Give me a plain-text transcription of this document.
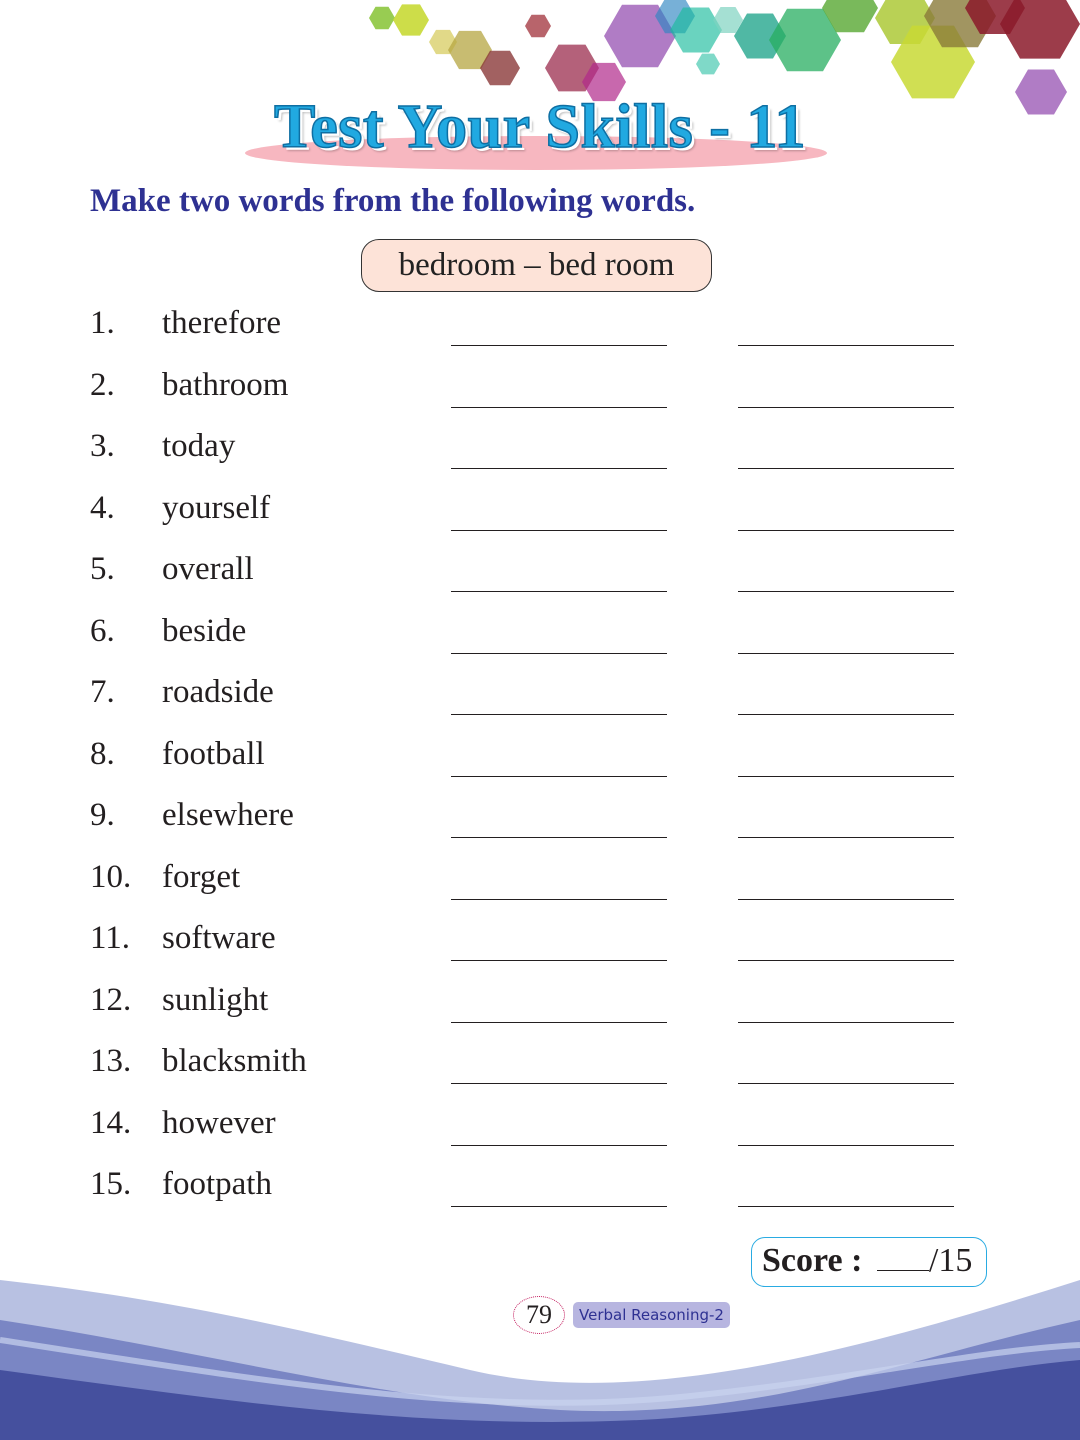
Test Your Skills - 11
Make two words from the following words.
bedroom – bed room
1. therefore
2. bathroom
3. today
4. yourself
5. overall
6. beside
7. roadside
8. football
9. elsewhere
10. forget
11. software
12. sunlight
13. blacksmith
14. however
15. footpath
Score : /15
79	Verbal Reasoning-2
